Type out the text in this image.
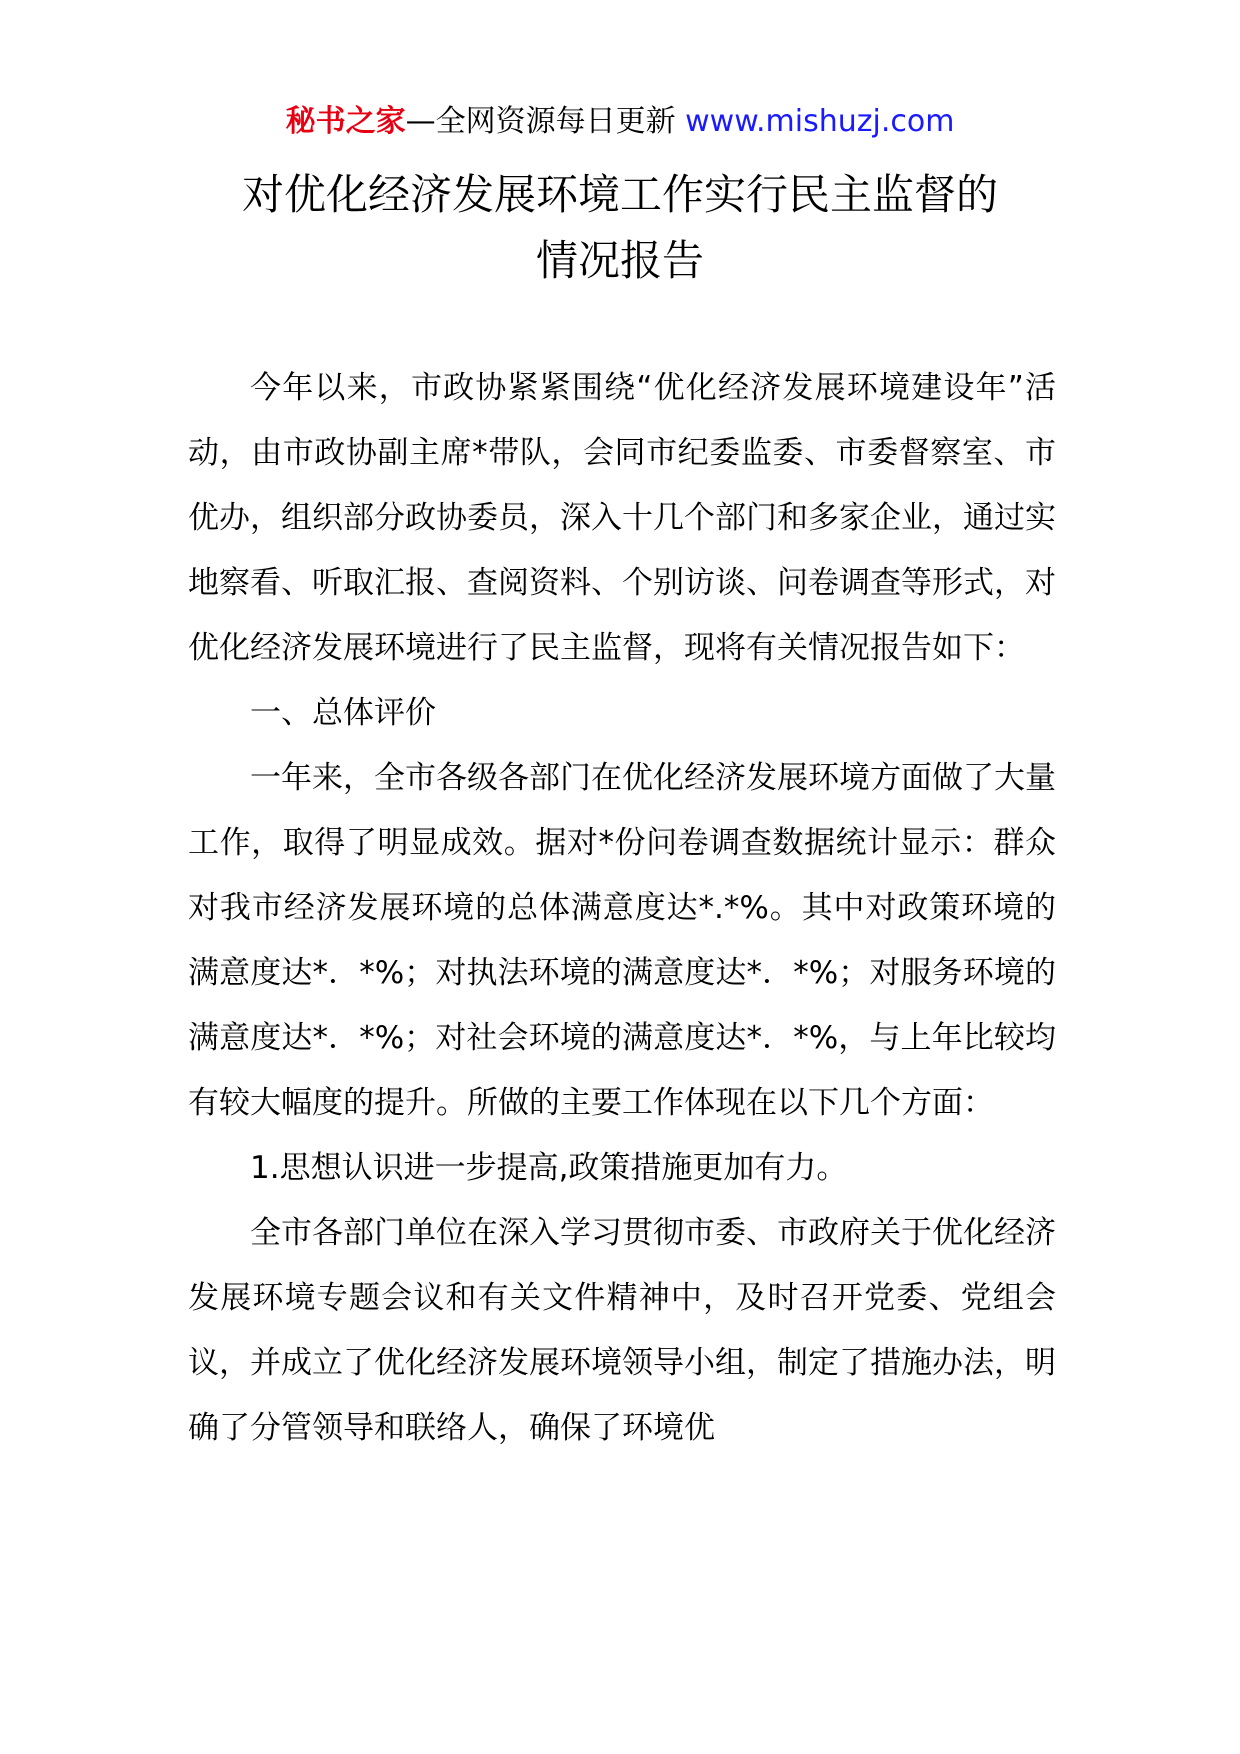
秘书之家—全网资源每日更新 www.mishuzj.com
对优化经济发展环境工作实行民主监督的
情况报告

今年以来，市政协紧紧围绕“优化经济发展环境建设年”活动，由市政协副主席*带队，会同市纪委监委、市委督察室、市优办，组织部分政协委员，深入十几个部门和多家企业，通过实地察看、听取汇报、查阅资料、个别访谈、问卷调查等形式，对优化经济发展环境进行了民主监督，现将有关情况报告如下：

一、总体评价

一年来，全市各级各部门在优化经济发展环境方面做了大量工作，取得了明显成效。据对*份问卷调查数据统计显示：群众对我市经济发展环境的总体满意度达*.*%。其中对政策环境的满意度达*．*%；对执法环境的满意度达*．*%；对服务环境的满意度达*．*%；对社会环境的满意度达*．*%，与上年比较均有较大幅度的提升。所做的主要工作体现在以下几个方面：

1.思想认识进一步提高,政策措施更加有力。

全市各部门单位在深入学习贯彻市委、市政府关于优化经济发展环境专题会议和有关文件精神中，及时召开党委、党组会议，并成立了优化经济发展环境领导小组，制定了措施办法，明确了分管领导和联络人，确保了环境优
